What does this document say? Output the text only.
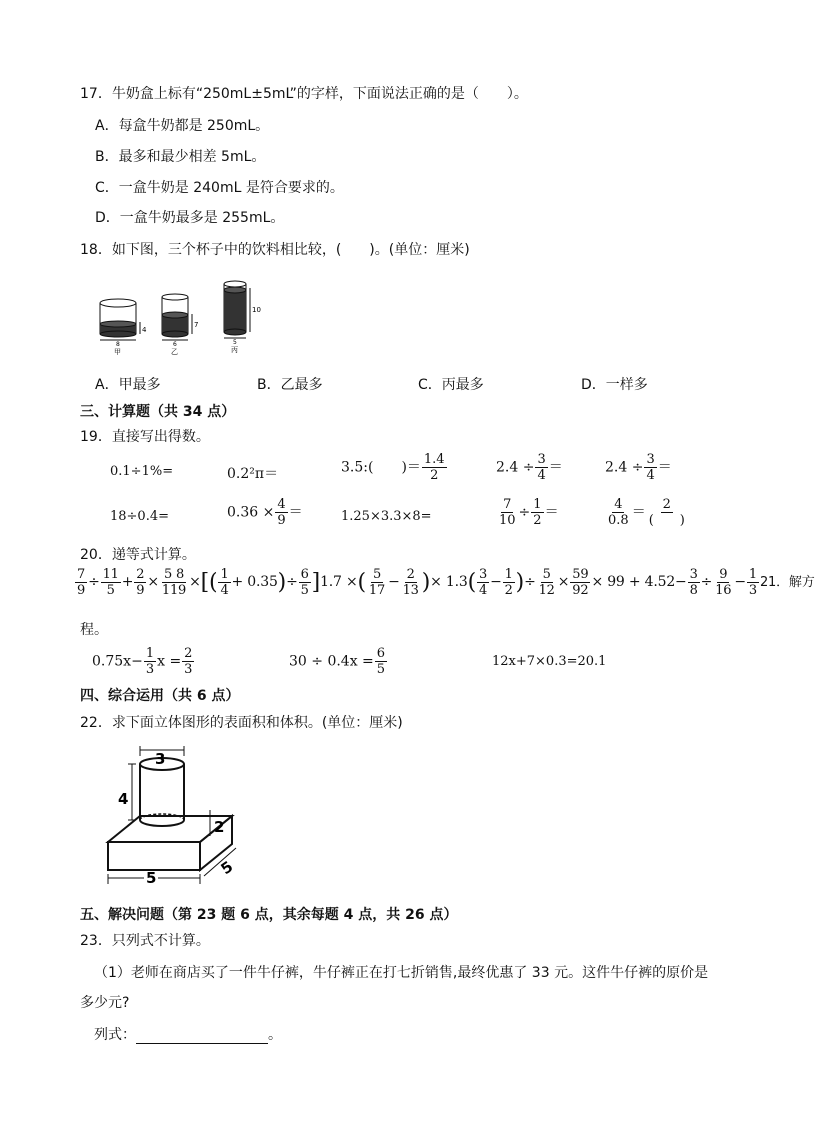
17．牛奶盒上标有“250mL±5mL”的字样，下面说法正确的是（　　）。
A．每盒牛奶都是 250mL。
B．最多和最少相差 5mL。
C．一盒牛奶是 240mL 是符合要求的。
D．一盒牛奶最多是 255mL。
18．如下图，三个杯子中的饮料相比较，(　　)。(单位：厘米)
4
8
甲
7
6
乙
10
5
丙
A．甲最多	B．乙最多	C．丙最多	D．一样多
三、计算题（共 34 点）
19．直接写出得数。
0.1÷1%=	0.2²π＝	3.5:(　　)＝ $\frac{1.4}{2}$	$2.4 \div \frac{3}{4}$ ＝	$2.4 \div \frac{3}{4}$ ＝
18÷0.4=	$0.36 \times \frac{4}{9}$ ＝	1.25×3.3×8=	$\frac{7}{10} \div \frac{1}{2}$ ＝	$\frac{4}{0.8} = \frac{2}{( )}$
20．递等式计算。
$\frac{7}{9} \div \frac{11}{5} + \frac{2}{9} \times \frac{5 8}{119}$ ×[( $\frac{1}{4} + 0.35)\div \frac{6}{5} ]1.7$ ×( $\frac{5}{17} - \frac{2}{13}$ )× $1.3( \frac{3}{4} - \frac{1}{2}$ )÷ $\frac{5}{12} \times \frac{59}{92} \times 99 + 4.52- \frac{3}{8} \div \frac{9}{16} - \frac{1}{3} 21$．解方
程。
$0.75x- \frac{1}{3}$ $x = \frac{2}{3}$	$30 \div 0.4x = \frac{6}{5}$	12x+7×0.3=20.1
四、综合运用（共 6 点）
22．求下面立体图形的表面积和体积。(单位：厘米)
3
4
2
5
5
五、解决问题（第 23 题 6 点，其余每题 4 点，共 26 点）
23．只列式不计算。
（1）老师在商店买了一件牛仔裤，牛仔裤正在打七折销售,最终优惠了 33 元。这件牛仔裤的原价是
多少元?
列式：	。
